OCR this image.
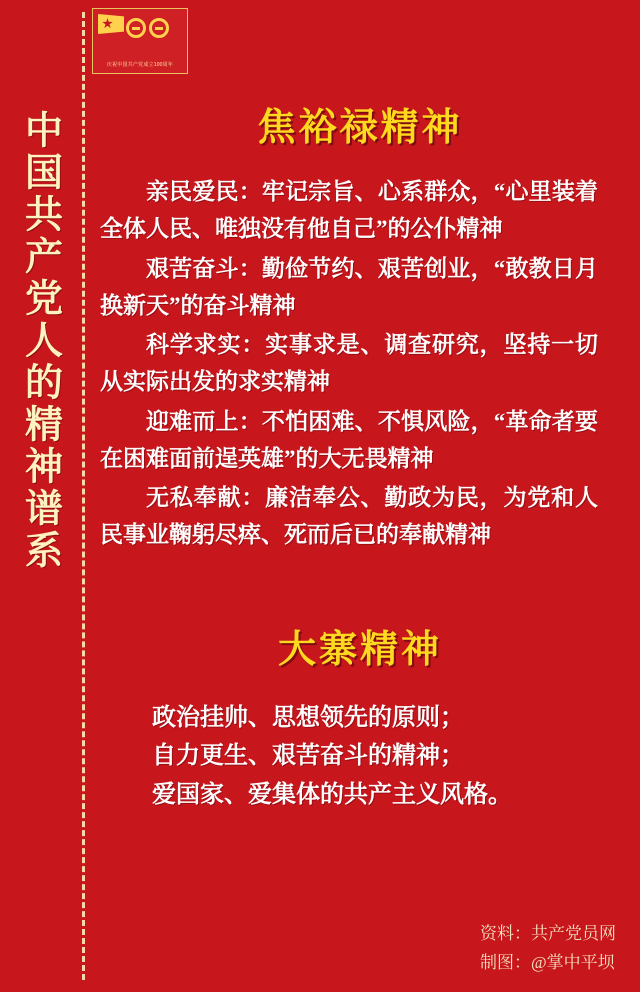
中国共产党人的精神谱系
庆祝中国共产党成立100周年
焦裕禄精神

亲民爱民：牢记宗旨、心系群众，“心里装着全体人民、唯独没有他自己”的公仆精神

艰苦奋斗：勤俭节约、艰苦创业，“敢教日月换新天”的奋斗精神

科学求实：实事求是、调查研究，坚持一切从实际出发的求实精神

迎难而上：不怕困难、不惧风险，“革命者要在困难面前逞英雄”的大无畏精神

无私奉献：廉洁奉公、勤政为民，为党和人民事业鞠躬尽瘁、死而后已的奉献精神

大寨精神
政治挂帅、思想领先的原则；
自力更生、艰苦奋斗的精神；
爱国家、爱集体的共产主义风格。
资料：共产党员网
制图：@掌中平坝
